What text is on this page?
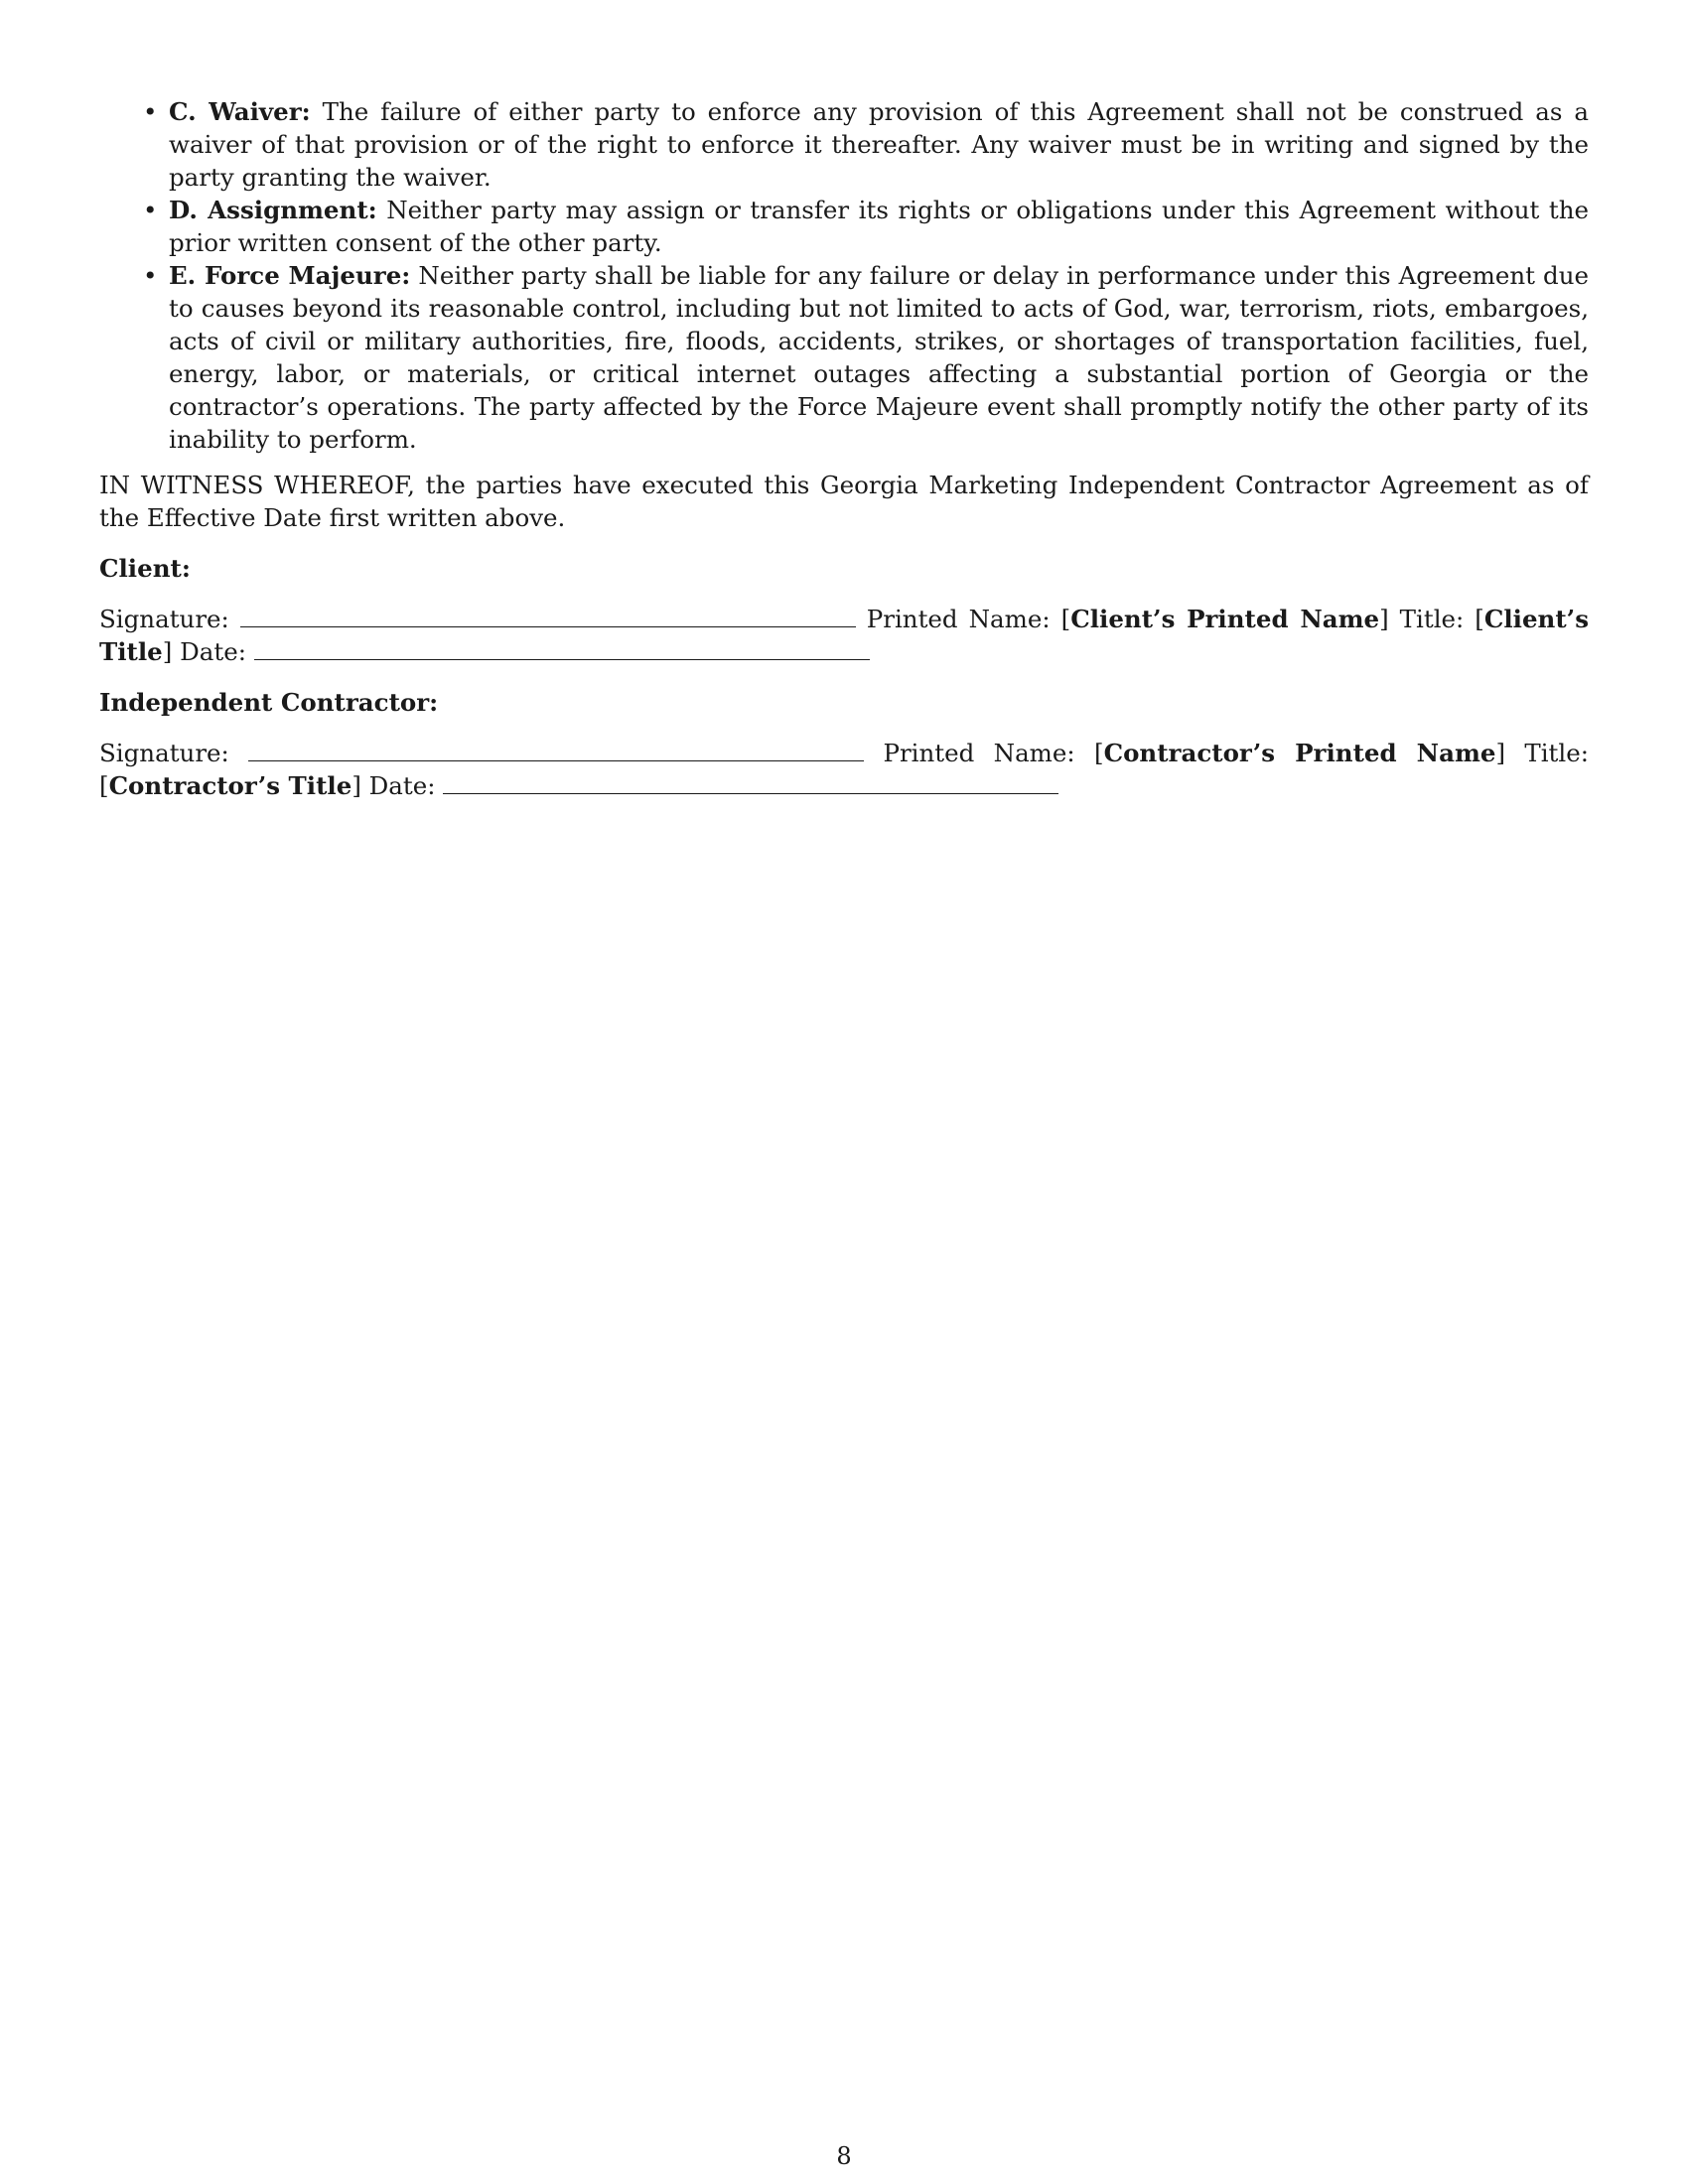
• C. Waiver: The failure of either party to enforce any provision of this Agreement shall not be construed as a waiver of that provision or of the right to enforce it thereafter. Any waiver must be in writing and signed by the party granting the waiver.
• D. Assignment: Neither party may assign or transfer its rights or obligations under this Agreement without the prior written consent of the other party.
• E. Force Majeure: Neither party shall be liable for any failure or delay in performance under this Agreement due to causes beyond its reasonable control, including but not limited to acts of God, war, terrorism, riots, embargoes, acts of civil or military authorities, fire, floods, accidents, strikes, or shortages of transportation facilities, fuel, energy, labor, or materials, or critical internet outages affecting a substantial portion of Georgia or the contractor’s operations. The party affected by the Force Majeure event shall promptly notify the other party of its inability to perform.

IN WITNESS WHEREOF, the parties have executed this Georgia Marketing Independent Contractor Agreement as of the Effective Date first written above.

Client:

Signature:	Printed Name: [Client’s Printed Name] Title: [Client’s Title] Date:

Independent Contractor:

Signature:	Printed Name: [Contractor’s Printed Name] Title: [Contractor’s Title] Date:

8
